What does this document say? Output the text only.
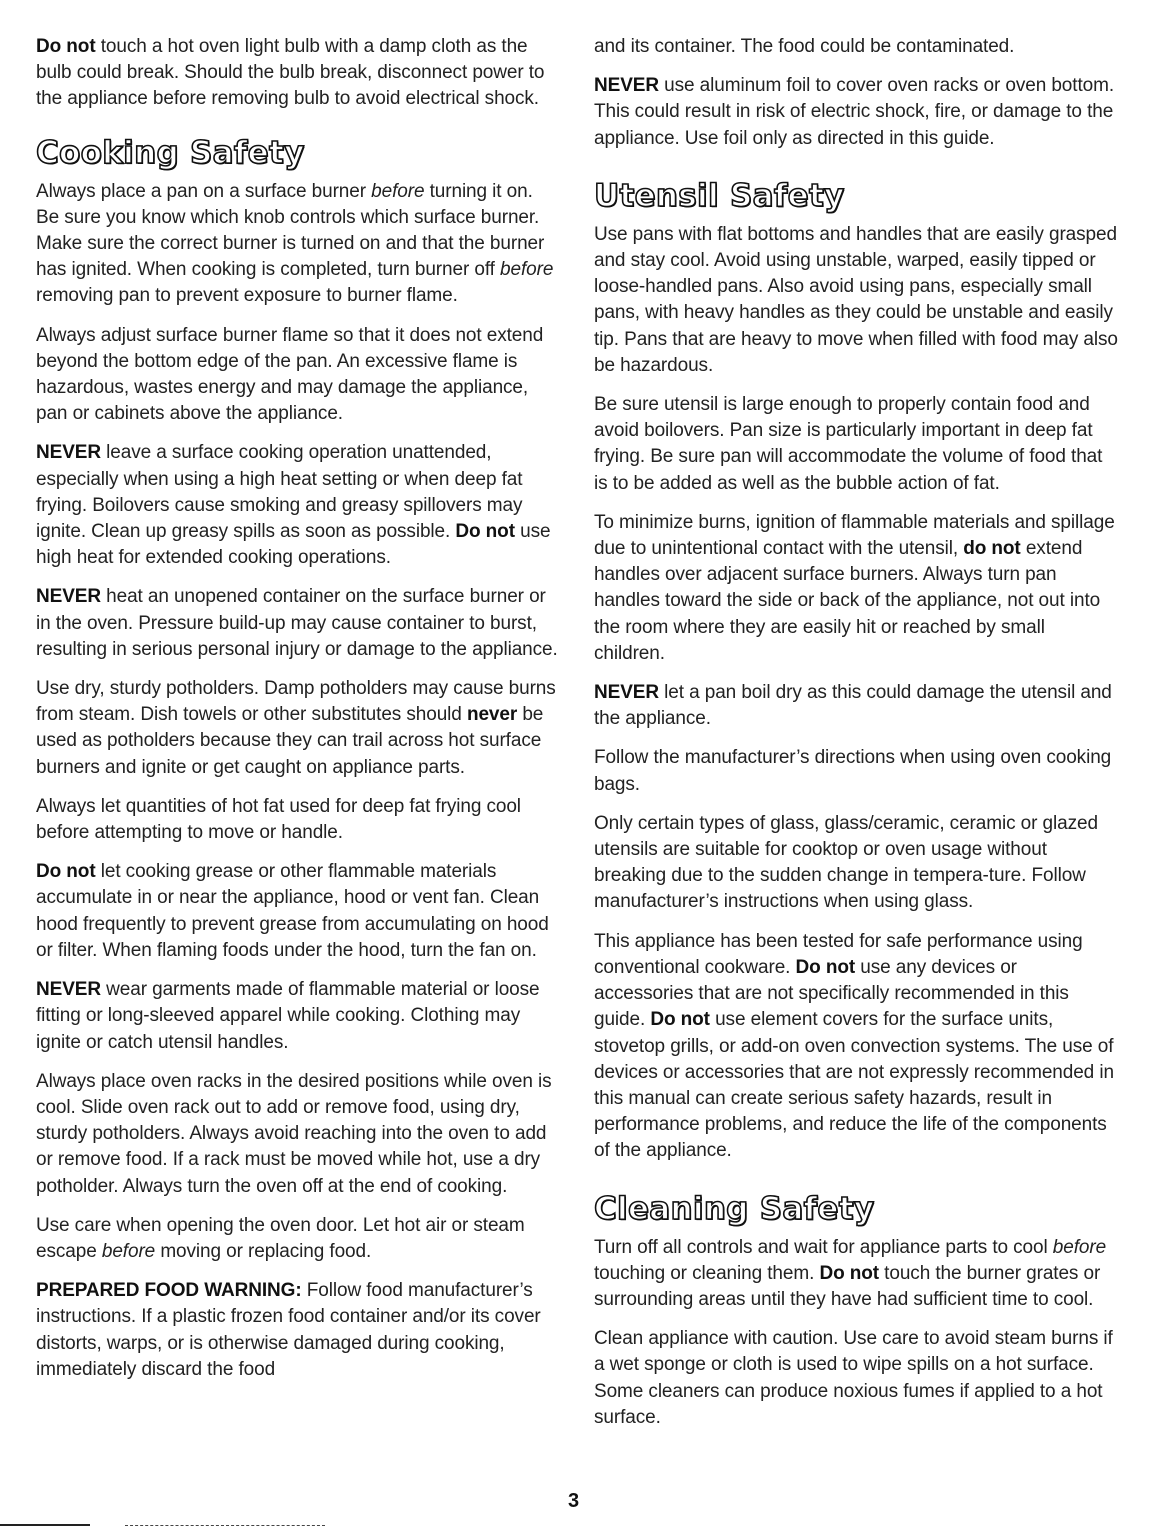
Do not touch a hot oven light bulb with a damp cloth as the bulb could break. Should the bulb break, disconnect power to the appliance before removing bulb to avoid electrical shock.

Cooking Safety

Always place a pan on a surface burner before turning it on. Be sure you know which knob controls which surface burner. Make sure the correct burner is turned on and that the burner has ignited. When cooking is completed, turn burner off before removing pan to prevent exposure to burner flame.

Always adjust surface burner flame so that it does not extend beyond the bottom edge of the pan. An excessive flame is hazardous, wastes energy and may damage the appliance, pan or cabinets above the appliance.

NEVER leave a surface cooking operation unattended, especially when using a high heat setting or when deep fat frying. Boilovers cause smoking and greasy spillovers may ignite. Clean up greasy spills as soon as possible. Do not use high heat for extended cooking operations.

NEVER heat an unopened container on the surface burner or in the oven. Pressure build-up may cause container to burst, resulting in serious personal injury or damage to the appliance.

Use dry, sturdy potholders. Damp potholders may cause burns from steam. Dish towels or other substitutes should never be used as potholders because they can trail across hot surface burners and ignite or get caught on appliance parts.

Always let quantities of hot fat used for deep fat frying cool before attempting to move or handle.

Do not let cooking grease or other flammable materials accumulate in or near the appliance, hood or vent fan. Clean hood frequently to prevent grease from accumulating on hood or filter. When flaming foods under the hood, turn the fan on.

NEVER wear garments made of flammable material or loose fitting or long-sleeved apparel while cooking. Clothing may ignite or catch utensil handles.

Always place oven racks in the desired positions while oven is cool. Slide oven rack out to add or remove food, using dry, sturdy potholders. Always avoid reaching into the oven to add or remove food. If a rack must be moved while hot, use a dry potholder. Always turn the oven off at the end of cooking.

Use care when opening the oven door. Let hot air or steam escape before moving or replacing food.

PREPARED FOOD WARNING: Follow food manufacturer’s instructions. If a plastic frozen food container and/or its cover distorts, warps, or is otherwise damaged during cooking, immediately discard the food

and its container. The food could be contaminated.

NEVER use aluminum foil to cover oven racks or oven bottom. This could result in risk of electric shock, fire, or damage to the appliance. Use foil only as directed in this guide.

Utensil Safety

Use pans with flat bottoms and handles that are easily grasped and stay cool. Avoid using unstable, warped, easily tipped or loose-handled pans. Also avoid using pans, especially small pans, with heavy handles as they could be unstable and easily tip. Pans that are heavy to move when filled with food may also be hazardous.

Be sure utensil is large enough to properly contain food and avoid boilovers. Pan size is particularly important in deep fat frying. Be sure pan will accommodate the volume of food that is to be added as well as the bubble action of fat.

To minimize burns, ignition of flammable materials and spillage due to unintentional contact with the utensil, do not extend handles over adjacent surface burners. Always turn pan handles toward the side or back of the appliance, not out into the room where they are easily hit or reached by small children.

NEVER let a pan boil dry as this could damage the utensil and the appliance.

Follow the manufacturer’s directions when using oven cooking bags.

Only certain types of glass, glass/ceramic, ceramic or glazed utensils are suitable for cooktop or oven usage without breaking due to the sudden change in tempera-ture. Follow manufacturer’s instructions when using glass.

This appliance has been tested for safe performance using conventional cookware. Do not use any devices or accessories that are not specifically recommended in this guide. Do not use element covers for the surface units, stovetop grills, or add-on oven convection systems. The use of devices or accessories that are not expressly recommended in this manual can create serious safety hazards, result in performance problems, and reduce the life of the components of the appliance.

Cleaning Safety

Turn off all controls and wait for appliance parts to cool before touching or cleaning them. Do not touch the burner grates or surrounding areas until they have had sufficient time to cool.

Clean appliance with caution. Use care to avoid steam burns if a wet sponge or cloth is used to wipe spills on a hot surface. Some cleaners can produce noxious fumes if applied to a hot surface.

3
